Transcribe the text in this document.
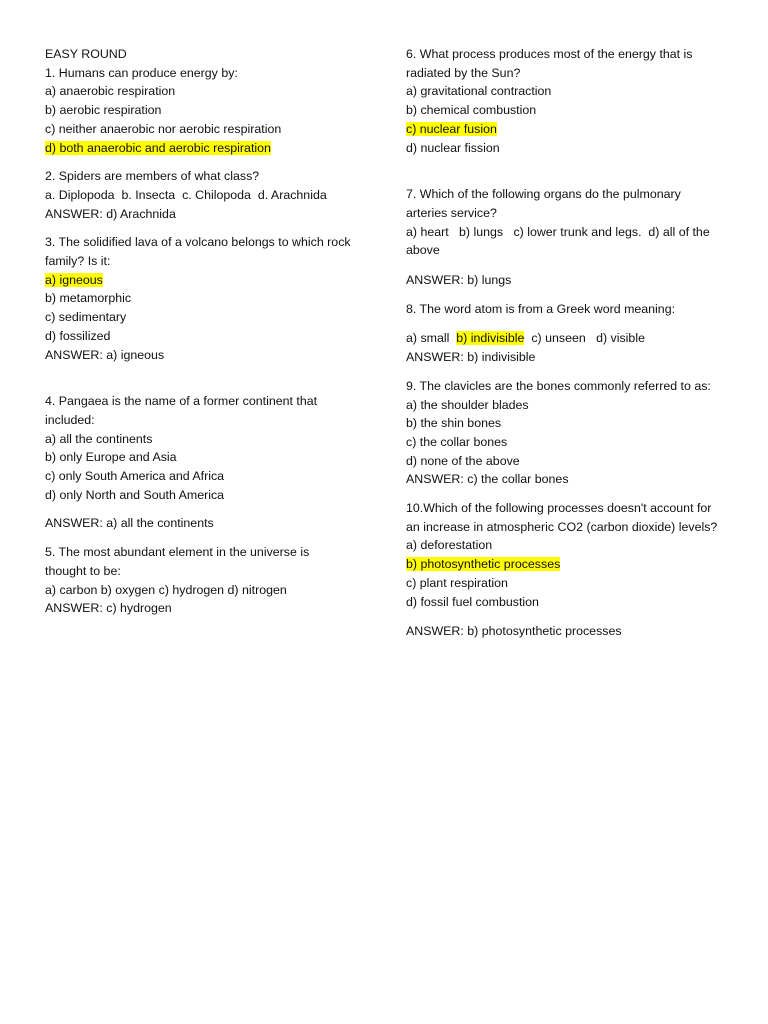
EASY ROUND
1. Humans can produce energy by:
a) anaerobic respiration
b) aerobic respiration
c) neither anaerobic nor aerobic respiration
d) both anaerobic and aerobic respiration
2. Spiders are members of what class?
a. Diplopoda  b. Insecta  c. Chilopoda  d. Arachnida
ANSWER: d) Arachnida
3. The solidified lava of a volcano belongs to which rock
family? Is it:
a) igneous
b) metamorphic
c) sedimentary
d) fossilized
ANSWER: a) igneous
4. Pangaea is the name of a former continent that
included:
a) all the continents
b) only Europe and Asia
c) only South America and Africa
d) only North and South America
ANSWER: a) all the continents
5. The most abundant element in the universe is
thought to be:
a) carbon b) oxygen c) hydrogen d) nitrogen
ANSWER: c) hydrogen
6. What process produces most of the energy that is
radiated by the Sun?
a) gravitational contraction
b) chemical combustion
c) nuclear fusion
d) nuclear fission
7. Which of the following organs do the pulmonary
arteries service?
a) heart   b) lungs   c) lower trunk and legs.  d) all of the
above
ANSWER: b) lungs
8. The word atom is from a Greek word meaning:
a) small  b) indivisible  c) unseen   d) visible
ANSWER: b) indivisible
9. The clavicles are the bones commonly referred to as:
a) the shoulder blades
b) the shin bones
c) the collar bones
d) none of the above
ANSWER: c) the collar bones
10.Which of the following processes doesn't account for
an increase in atmospheric CO2 (carbon dioxide) levels?
a) deforestation
b) photosynthetic processes
c) plant respiration
d) fossil fuel combustion
ANSWER: b) photosynthetic processes
